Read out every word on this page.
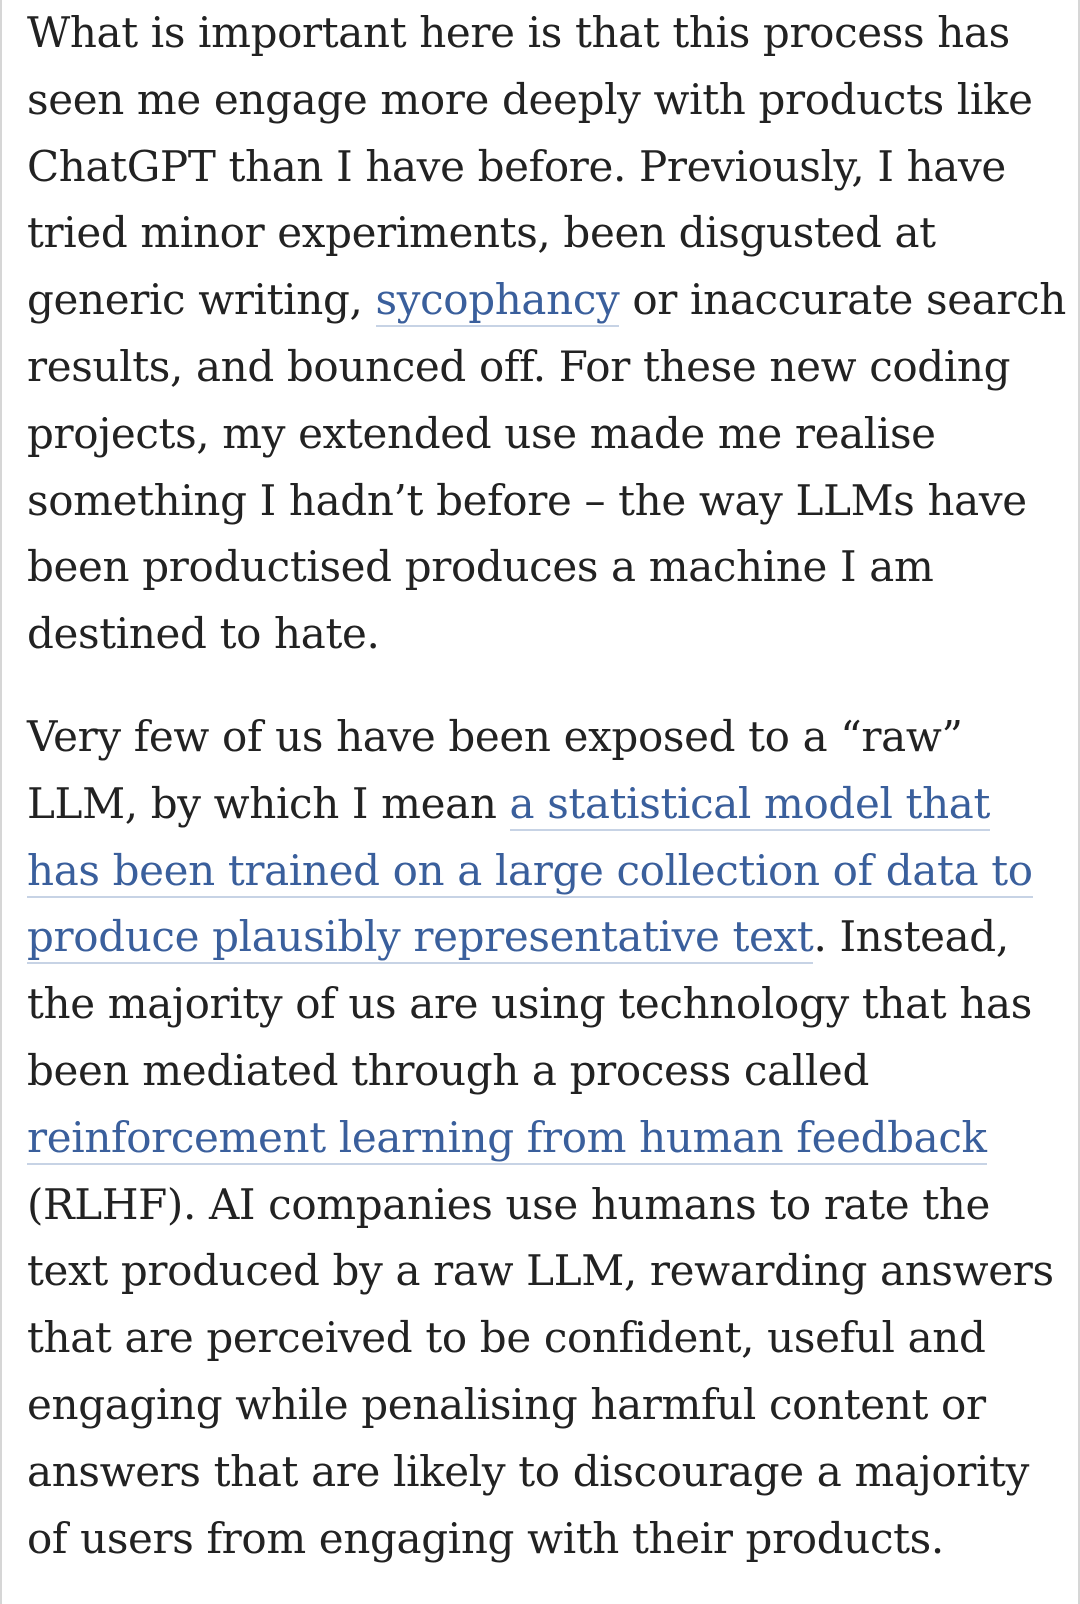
What is important here is that this process has
seen me engage more deeply with products like
ChatGPT than I have before. Previously, I have
tried minor experiments, been disgusted at
generic writing, sycophancy or inaccurate search
results, and bounced off. For these new coding
projects, my extended use made me realise
something I hadn’t before – the way LLMs have
been productised produces a machine I am
destined to hate.

Very few of us have been exposed to a “raw”
LLM, by which I mean a statistical model that
has been trained on a large collection of data to
produce plausibly representative text. Instead,
the majority of us are using technology that has
been mediated through a process called
reinforcement learning from human feedback
(RLHF). AI companies use humans to rate the
text produced by a raw LLM, rewarding answers
that are perceived to be confident, useful and
engaging while penalising harmful content or
answers that are likely to discourage a majority
of users from engaging with their products.
